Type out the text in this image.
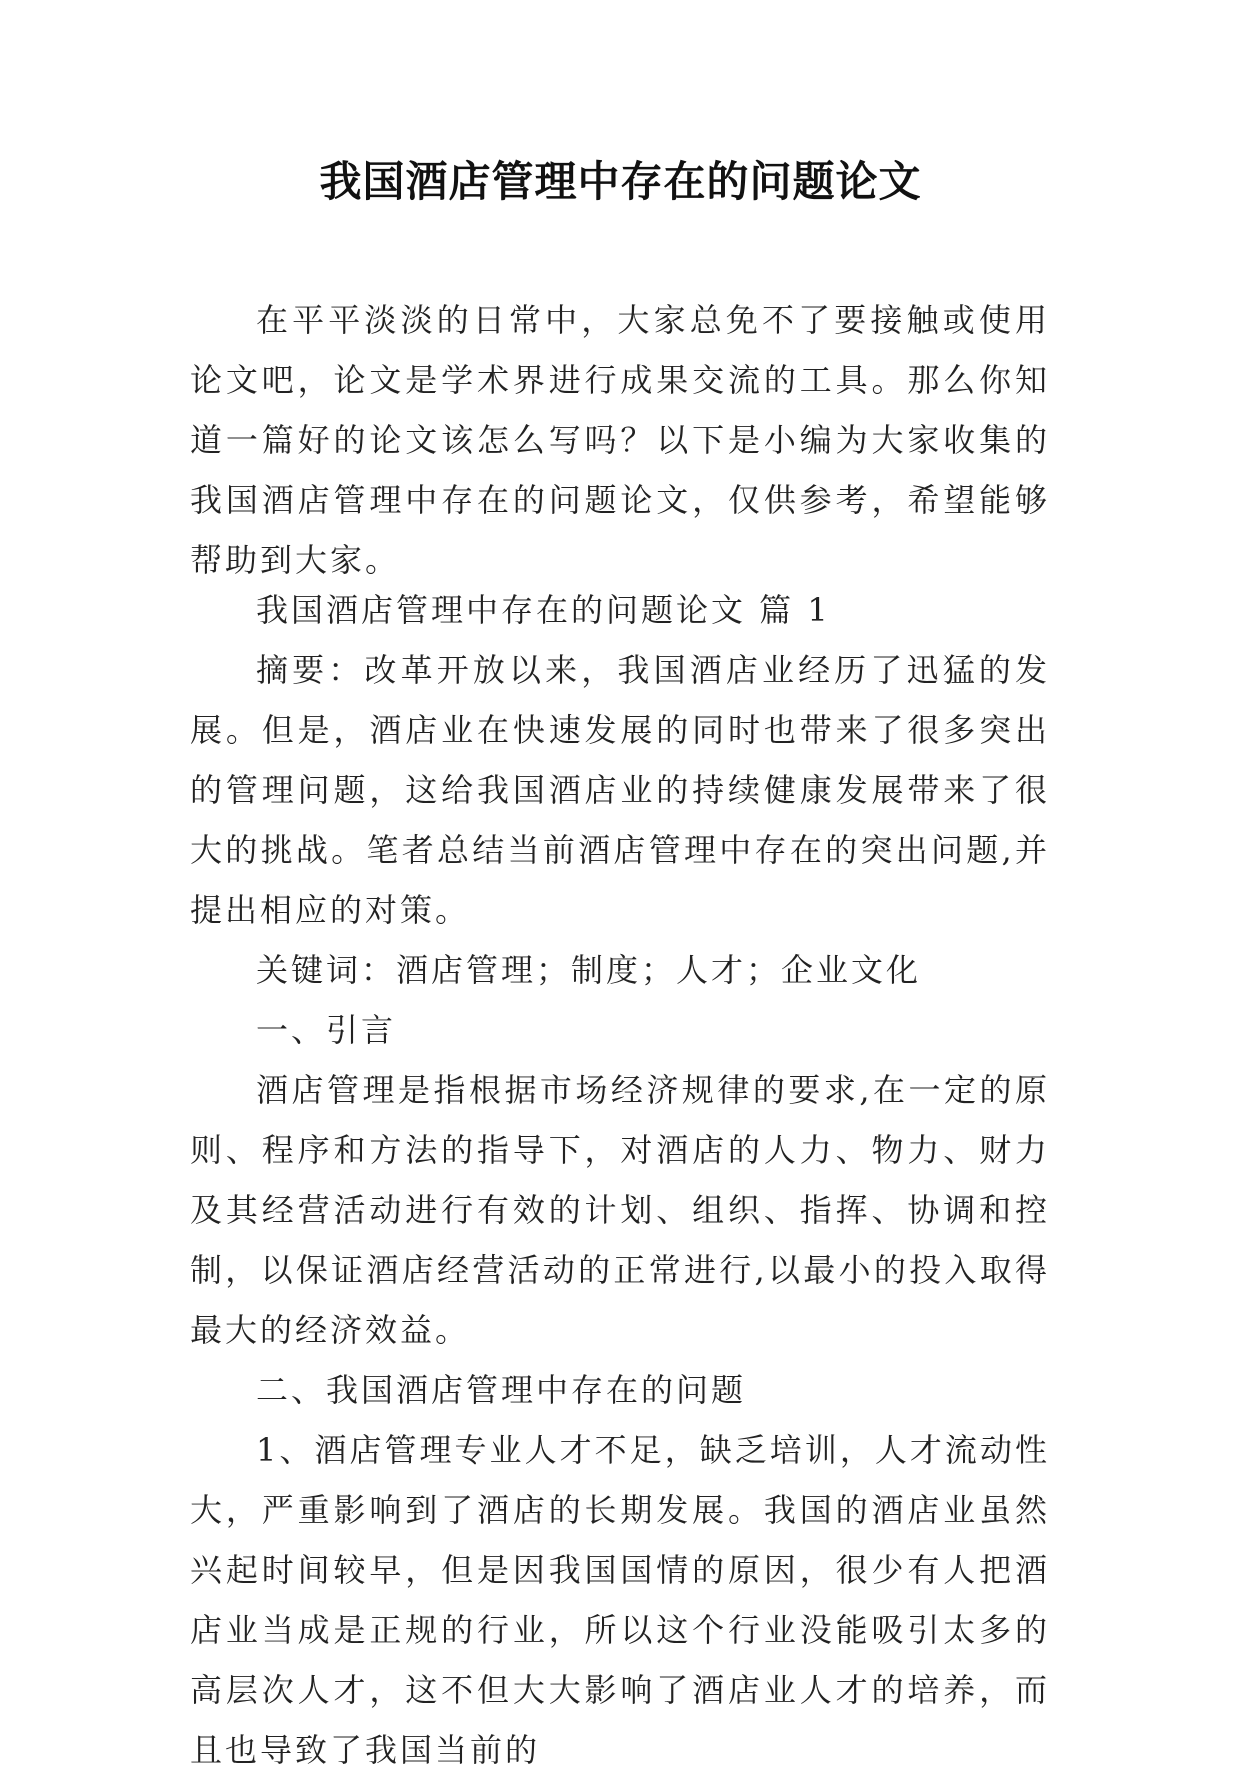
我国酒店管理中存在的问题论文

在平平淡淡的日常中，大家总免不了要接触或使用论文吧，论文是学术界进行成果交流的工具。那么你知道一篇好的论文该怎么写吗？以下是小编为大家收集的我国酒店管理中存在的问题论文，仅供参考，希望能够帮助到大家。

我国酒店管理中存在的问题论文 篇 1

摘要：改革开放以来，我国酒店业经历了迅猛的发展。但是，酒店业在快速发展的同时也带来了很多突出的管理问题，这给我国酒店业的持续健康发展带来了很大的挑战。笔者总结当前酒店管理中存在的突出问题,并提出相应的对策。

关键词：酒店管理；制度；人才；企业文化

一、引言

酒店管理是指根据市场经济规律的要求,在一定的原则、程序和方法的指导下，对酒店的人力、物力、财力及其经营活动进行有效的计划、组织、指挥、协调和控制，以保证酒店经营活动的正常进行,以最小的投入取得最大的经济效益。

二、我国酒店管理中存在的问题

1、酒店管理专业人才不足，缺乏培训，人才流动性大，严重影响到了酒店的长期发展。我国的酒店业虽然兴起时间较早，但是因我国国情的原因，很少有人把酒店业当成是正规的行业，所以这个行业没能吸引太多的高层次人才，这不但大大影响了酒店业人才的培养，而且也导致了我国当前的
